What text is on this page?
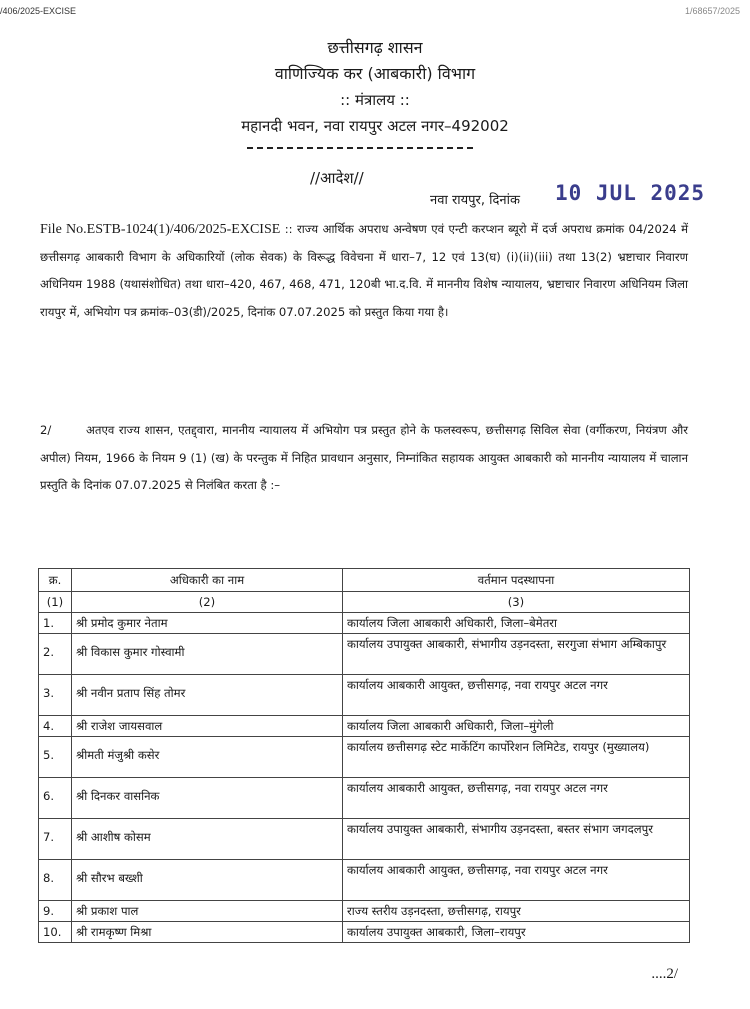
/406/2025-EXCISE	1/68657/2025
छत्तीसगढ़ शासन
वाणिज्यिक कर (आबकारी) विभाग
:: मंत्रालय ::
महानदी भवन, नवा रायपुर अटल नगर–492002
//आदेश//
नवा रायपुर, दिनांक 10 JUL 2025
File No.ESTB-1024(1)/406/2025-EXCISE :: राज्य आर्थिक अपराध अन्वेषण एवं एन्टी करप्शन ब्यूरो में दर्ज अपराध क्रमांक 04/2024 में छत्तीसगढ़ आबकारी विभाग के अधिकारियों (लोक सेवक) के विरूद्ध विवेचना में धारा–7, 12 एवं 13(घ) (i)(ii)(iii) तथा 13(2) भ्रष्टाचार निवारण अधिनियम 1988 (यथासंशोधित) तथा धारा–420, 467, 468, 471, 120बी भा.द.वि. में माननीय विशेष न्यायालय, भ्रष्टाचार निवारण अधिनियम जिला रायपुर में, अभियोग पत्र क्रमांक–03(डी)/2025, दिनांक 07.07.2025 को प्रस्तुत किया गया है।
2/	अतएव राज्य शासन, एतद्द्वारा, माननीय न्यायालय में अभियोग पत्र प्रस्तुत होने के फलस्वरूप, छत्तीसगढ़ सिविल सेवा (वर्गीकरण, नियंत्रण और अपील) नियम, 1966 के नियम 9 (1) (ख) के परन्तुक में निहित प्रावधान अनुसार, निम्नांकित सहायक आयुक्त आबकारी को माननीय न्यायालय में चालान प्रस्तुति के दिनांक 07.07.2025 से निलंबित करता है :–
क्र.	अधिकारी का नाम	वर्तमान पदस्थापना
(1)	(2)	(3)
1.	श्री प्रमोद कुमार नेताम	कार्यालय जिला आबकारी अधिकारी, जिला–बेमेतरा
2.	श्री विकास कुमार गोस्वामी	कार्यालय उपायुक्त आबकारी, संभागीय उड़नदस्ता, सरगुजा संभाग अम्बिकापुर
3.	श्री नवीन प्रताप सिंह तोमर	कार्यालय आबकारी आयुक्त, छत्तीसगढ़, नवा रायपुर अटल नगर
4.	श्री राजेश जायसवाल	कार्यालय जिला आबकारी अधिकारी, जिला–मुंगेली
5.	श्रीमती मंजुश्री कसेर	कार्यालय छत्तीसगढ़ स्टेट मार्केटिंग कार्पोरेशन लिमिटेड, रायपुर (मुख्यालय)
6.	श्री दिनकर वासनिक	कार्यालय आबकारी आयुक्त, छत्तीसगढ़, नवा रायपुर अटल नगर
7.	श्री आशीष कोसम	कार्यालय उपायुक्त आबकारी, संभागीय उड़नदस्ता, बस्तर संभाग जगदलपुर
8.	श्री सौरभ बख्शी	कार्यालय आबकारी आयुक्त, छत्तीसगढ़, नवा रायपुर अटल नगर
9.	श्री प्रकाश पाल	राज्य स्तरीय उड़नदस्ता, छत्तीसगढ़, रायपुर
10.	श्री रामकृष्ण मिश्रा	कार्यालय उपायुक्त आबकारी, जिला–रायपुर
....2/
